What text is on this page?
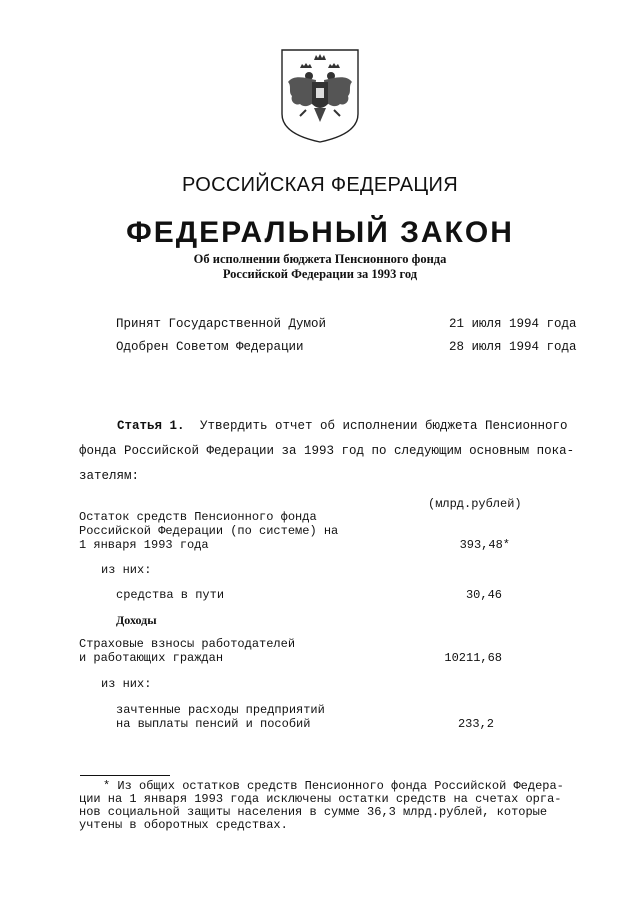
РОССИЙСКАЯ ФЕДЕРАЦИЯ
ФЕДЕРАЛЬНЫЙ ЗАКОН
Об исполнении бюджета Пенсионного фонда
Российской Федерации за 1993 год
Принят Государственной Думой	21 июля 1994 года
Одобрен Советом Федерации	28 июля 1994 года
Статья 1. Утвердить отчет об исполнении бюджета Пенсионного
фонда Российской Федерации за 1993 год по следующим основным пока-
зателям:
(млрд.рублей)
Остаток средств Пенсионного фонда
Российской Федерации (по системе) на
1 января 1993 года	393,48*
из них:
средства в пути	30,46
Доходы
Страховые взносы работодателей
и работающих граждан	10211,68
из них:
зачтенные расходы предприятий
на выплаты пенсий и пособий	233,2
* Из общих остатков средств Пенсионного фонда Российской Федера-
ции на 1 января 1993 года исключены остатки средств на счетах орга-
нов социальной защиты населения в сумме 36,3 млрд.рублей, которые
учтены в оборотных средствах.
